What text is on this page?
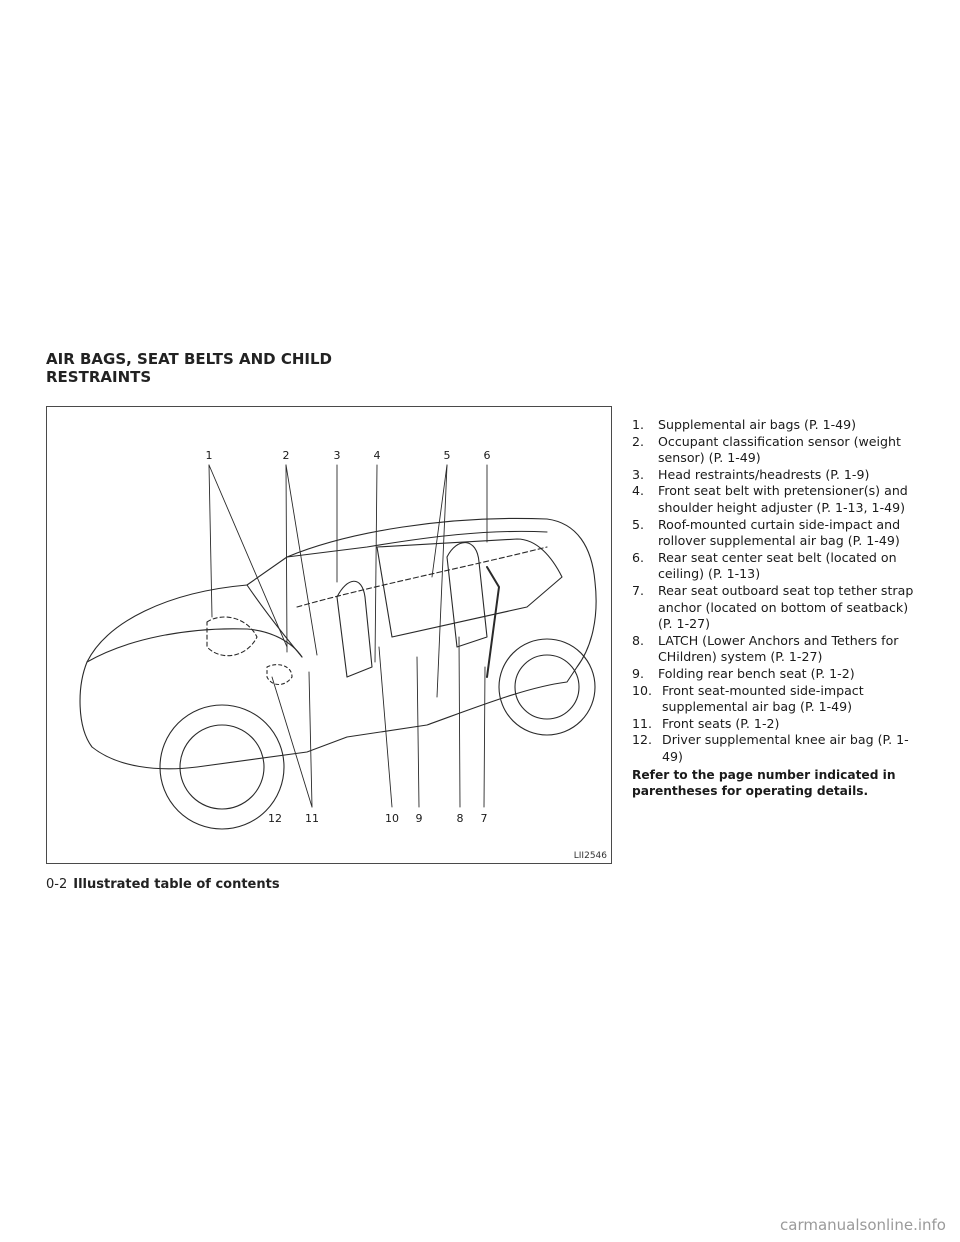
AIR BAGS, SEAT BELTS AND CHILD
RESTRAINTS
1	2	3	4	5	6
12 11	10 9	8 7
LII2546
1. Supplemental air bags (P. 1-49)
2. Occupant classification sensor (weight sensor) (P. 1-49)
3. Head restraints/headrests (P. 1-9)
4. Front seat belt with pretensioner(s) and shoulder height adjuster (P. 1-13, 1-49)
5. Roof-mounted curtain side-impact and rollover supplemental air bag (P. 1-49)
6. Rear seat center seat belt (located on ceiling) (P. 1-13)
7. Rear seat outboard seat top tether strap anchor (located on bottom of seatback) (P. 1-27)
8. LATCH (Lower Anchors and Tethers for CHildren) system (P. 1-27)
9. Folding rear bench seat (P. 1-2)
10. Front seat-mounted side-impact supplemental air bag (P. 1-49)
11. Front seats (P. 1-2)
12. Driver supplemental knee air bag (P. 1-49)
Refer to the page number indicated in parentheses for operating details.
0-2 Illustrated table of contents
carmanualsonline.info
